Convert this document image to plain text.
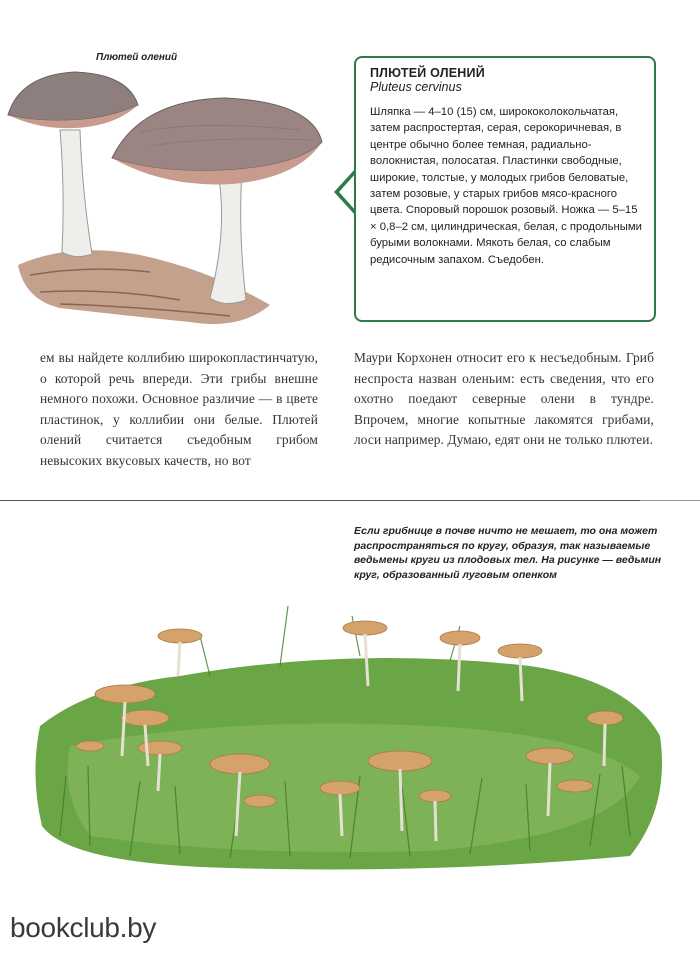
Плютей олений
ПЛЮТЕЙ ОЛЕНИЙ
Pluteus cervinus
Шляпка — 4–10 (15) см, ширококолокольчатая, затем распростертая, серая, серокоричневая, в центре обычно более темная, радиально-волокнистая, полосатая. Пластинки свободные, широкие, толстые, у молодых грибов беловатые, затем розовые, у старых грибов мясо-красного цвета. Споровый порошок розовый. Ножка — 5–15 × 0,8–2 см, цилиндрическая, белая, с продольными бурыми волокнами. Мякоть белая, со слабым редисочным запахом. Съедобен.
ем вы найдете коллибию широкопластинчатую, о которой речь впереди. Эти грибы внешне немного похожи. Основное различие — в цвете пластинок, у коллибии они белые. Плютей олений считается съедобным грибом невысоких вкусовых качеств, но вот
Маури Корхонен относит его к несъедобным. Гриб неспроста назван оленьим: есть сведения, что его охотно поедают северные олени в тундре. Впрочем, многие копытные лакомятся грибами, лоси например. Думаю, едят они не только плютеи.
Если грибнице в почве ничто не мешает, то она может распространяться по кругу, образуя, так называемые ведьмены круги из плодовых тел. На рисунке — ведьмин круг, образованный луговым опенком
bookclub.by
